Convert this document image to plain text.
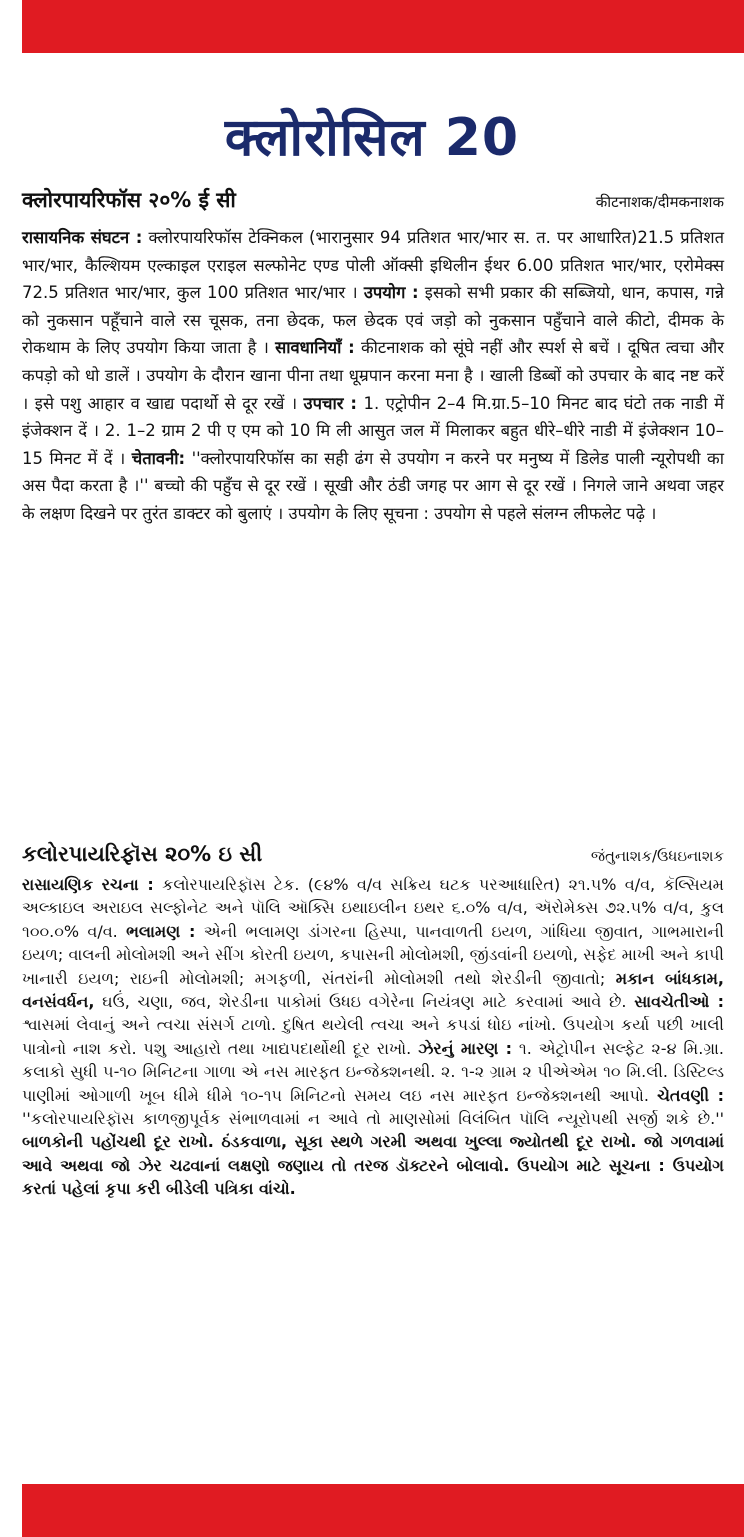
क्लोरोसिल 20
क्लोरपायरिफॉस २०% ई सी	कीटनाशक/दीमकनाशक
रासायनिक संघटन : क्लोरपायरिफॉस टेक्निकल (भारानुसार 94 प्रतिशत भार/भार स. त. पर आधारित)21.5 प्रतिशत भार/भार, कैल्शियम एल्काइल एराइल सल्फोनेट एण्ड पोली ऑक्सी इथिलीन ईथर 6.00 प्रतिशत भार/भार, एरोमेक्स 72.5 प्रतिशत भार/भार, कुल 100 प्रतिशत भार/भार । उपयोग : इसको सभी प्रकार की सब्जियो, धान, कपास, गन्ने को नुकसान पहूँचाने वाले रस चूसक, तना छेदक, फल छेदक एवं जड़ो को नुकसान पहुँचाने वाले कीटो, दीमक के रोकथाम के लिए उपयोग किया जाता है । सावधानियाँ : कीटनाशक को सूंघे नहीं और स्पर्श से बचें । दूषित त्वचा और कपड़ो को धो डालें । उपयोग के दौरान खाना पीना तथा धूम्रपान करना मना है । खाली डिब्बों को उपचार के बाद नष्ट करें । इसे पशु आहार व खाद्य पदार्थो से दूर रखें । उपचार : 1. एट्रोपीन 2–4 मि.ग्रा.5–10 मिनट बाद घंटो तक नाडी में इंजेक्शन दें । 2. 1–2 ग्राम 2 पी ए एम को 10 मि ली आसुत जल में मिलाकर बहुत धीरे–धीरे नाडी में इंजेक्शन 10–15 मिनट में दें । चेतावनी: ''क्लोरपायरिफॉस का सही ढंग से उपयोग न करने पर मनुष्य में डिलेड पाली न्यूरोपथी का अस पैदा करता है ।'' बच्चो की पहुँच से दूर रखें । सूखी और ठंडी जगह पर आग से दूर रखें । निगले जाने अथवा जहर के लक्षण दिखने पर तुरंत डाक्टर को बुलाएं । उपयोग के लिए सूचना : उपयोग से पहले संलग्न लीफलेट पढ़े ।
કલોરપાયરિફૉસ ૨૦% ઇ સી	જંતુનાશક/ઉધઇનાશક
રાસાયણિક રચના : કલોરપાયરિફૉસ ટેક. (૯૪% વ/વ સક્રિય ઘટક પરઆધારિત) ૨૧.૫% વ/વ, કૅલ્સિયમ અલ્કાઇલ અરાઇલ સલ્ફોનેટ અને પૉલિ ઑક્સિ ઇથાઇલીન ઇથર ૬.૦% વ/વ, ઍરોમેક્સ ૭૨.૫% વ/વ, કુલ ૧૦૦.૦% વ/વ. ભલામણ : એની ભલામણ ડાંગરના હિસ્પા, પાનવાળતી ઇયળ, ગાંધિયા જીવાત, ગાભમારાની ઇયળ; વાલની મોલોમશી અને સીંગ કોરતી ઇયળ, કપાસની મોલોમશી, જીંડવાંની ઇયળો, સફેદ માખી અને કાપી ખાનારી ઇયળ; રાઇની મોલોમશી; મગફળી, સંતરાંની મોલોમશી તથો શેરડીની જીવાતો; મકાન બાંધકામ, વનસંવર્ધન, ઘઉં, ચણા, જવ, શેરડીના પાકોમાં ઉધઇ વગેરેના નિયંત્રણ માટે કરવામાં આવે છે. સાવચેતીઓ : શ્વાસમાં લેવાનું અને ત્વચા સંસર્ગ ટાળો. દુષિત થયેલી ત્વચા અને કપડાં ધોઇ નાંખો. ઉપયોગ કર્યા પછી ખાલી પાત્રોનો નાશ કરો. પશુ આહારો તથા ખાદ્યપદાર્થોથી દૂર રાખો. ઝેરનું મારણ : ૧. એટ્રોપીન સલ્ફેટ ૨-૪ મિ.ગ્રા. કલાકો સુધી ૫-૧૦ મિનિટના ગાળા એ નસ મારફત ઇન્જેક્શનથી. ૨. ૧-૨ ગ્રામ ૨ પીએએમ ૧૦ મિ.લી. ડિસ્ટિલ્ડ પાણીમાં ઓગાળી ખૂબ ધીમે ધીમે ૧૦-૧૫ મિનિટનો સમય લઇ નસ મારફત ઇન્જેક્શનથી આપો. ચેતવણી : ''કલોરપાયરિફૉસ કાળજીપૂર્વક સંભાળવામાં ન આવે તો માણસોમાં વિલંબિત પૉલિ ન્યૂરોપથી સર્જી શકે છે.'' બાળકોની પહોંચથી દૂર રાખો. ઠંડકવાળા, સૂકા સ્થળે ગરમી અથવા ખુલ્લા જ્યોતથી દૂર રાખો. જો ગળવામાં આવે અથવા જો ઝેર ચઢવાનાં લક્ષણો જણાય તો તરજ ડૉક્ટરને બોલાવો. ઉપયોગ માટે સૂચના : ઉપયોગ કરતાં પહેલાં કૃપા કરી બીડેલી પત્રિકા વાંચો.
